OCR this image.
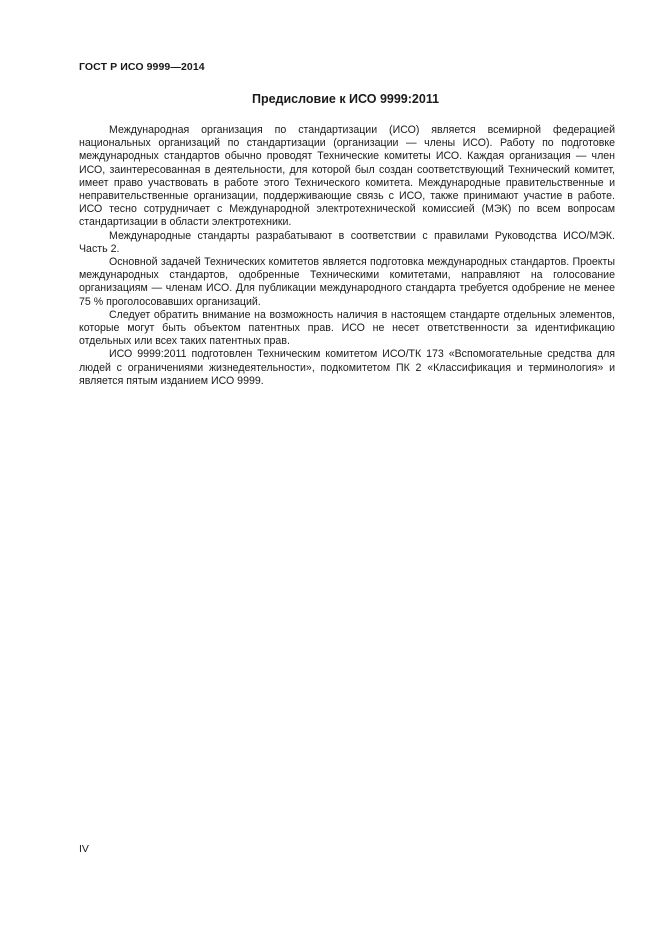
ГОСТ Р ИСО 9999—2014
Предисловие к ИСО 9999:2011

Международная организация по стандартизации (ИСО) является всемирной федерацией национальных организаций по стандартизации (организации — члены ИСО). Работу по подготовке международных стандартов обычно проводят Технические комитеты ИСО. Каждая организация — член ИСО, заинтересованная в деятельности, для которой был создан соответствующий Технический комитет, имеет право участвовать в работе этого Технического комитета. Международные правительственные и неправительственные организации, поддерживающие связь с ИСО, также принимают участие в работе. ИСО тесно сотрудничает с Международной электротехнической комиссией (МЭК) по всем вопросам стандартизации в области электротехники.

Международные стандарты разрабатывают в соответствии с правилами Руководства ИСО/МЭК. Часть 2.

Основной задачей Технических комитетов является подготовка международных стандартов. Проекты международных стандартов, одобренные Техническими комитетами, направляют на голосование организациям — членам ИСО. Для публикации международного стандарта требуется одобрение не менее 75 % проголосовавших организаций.

Следует обратить внимание на возможность наличия в настоящем стандарте отдельных элементов, которые могут быть объектом патентных прав. ИСО не несет ответственности за идентификацию отдельных или всех таких патентных прав.

ИСО 9999:2011 подготовлен Техническим комитетом ИСО/ТК 173 «Вспомогательные средства для людей с ограничениями жизнедеятельности», подкомитетом ПК 2 «Классификация и терминология» и является пятым изданием ИСО 9999.

IV
